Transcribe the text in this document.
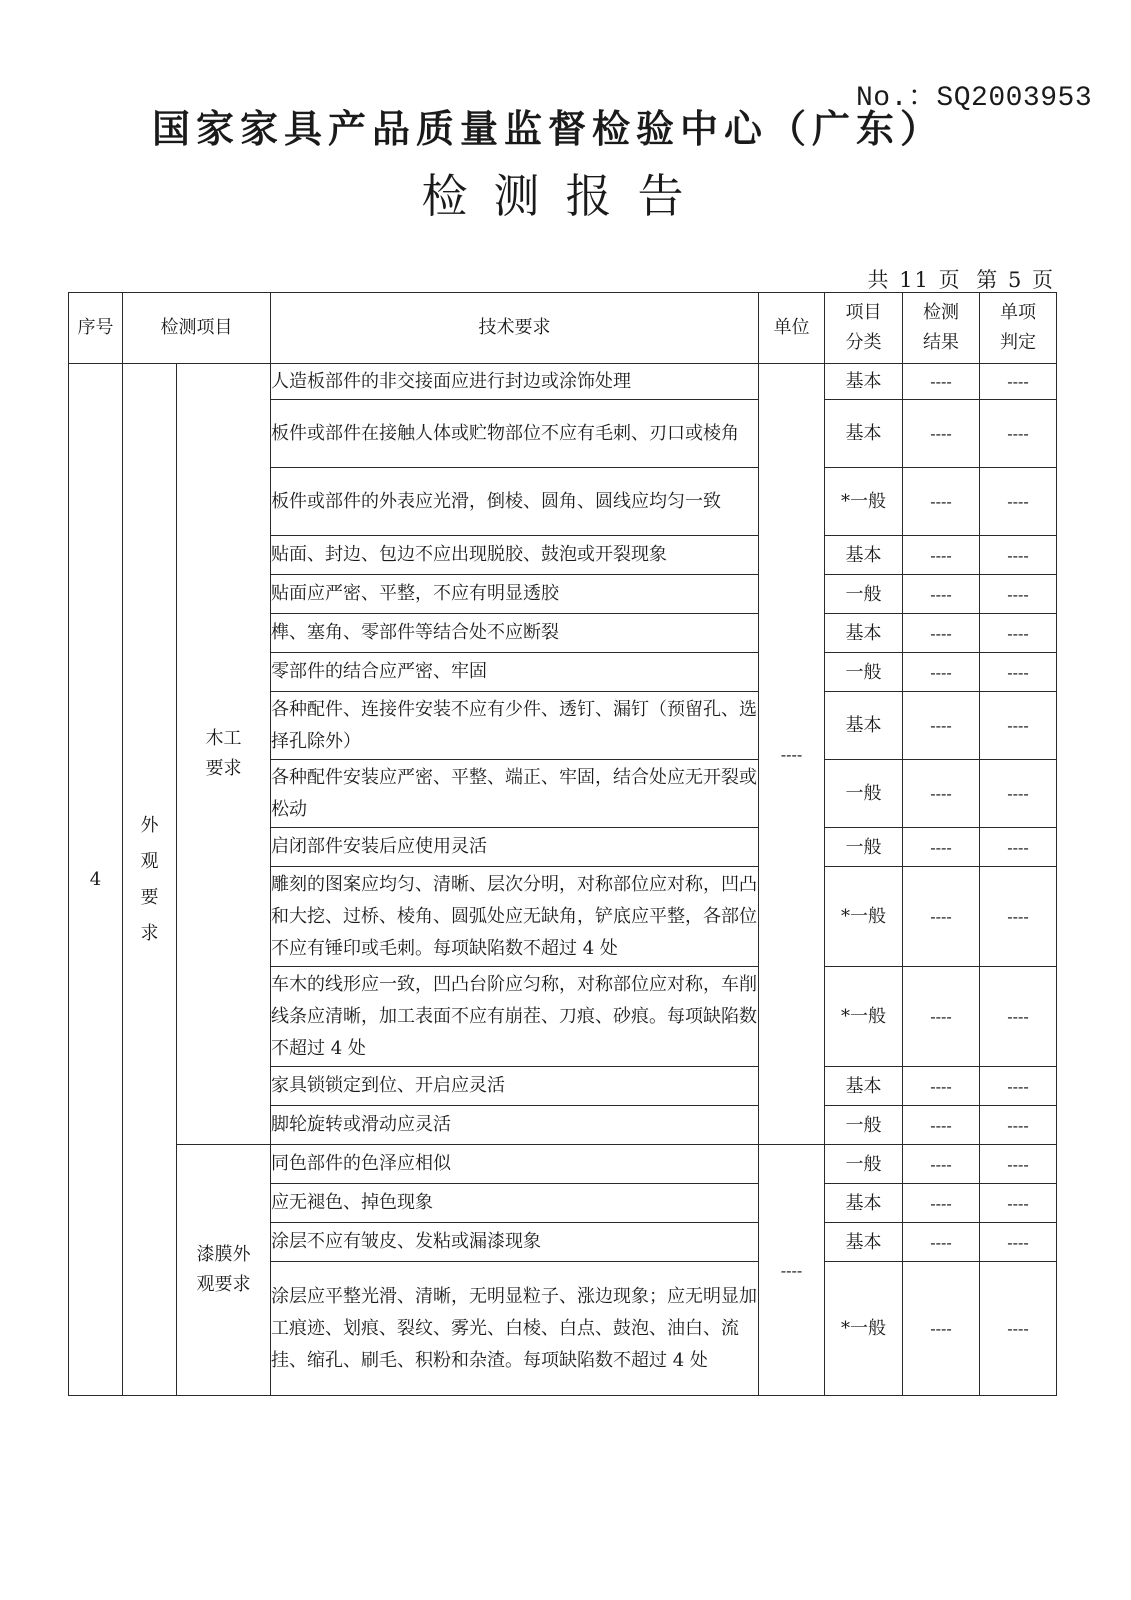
No.：SQ2003953
国家家具产品质量监督检验中心（广东）
检测报告
共 11 页 第 5 页
序号	检测项目		技术要求	单位	项目分类	检测结果	单项判定

4	外观要求	木工要求	人造板部件的非交接面应进行封边或涂饰处理	----	基本	----	----
			板件或部件在接触人体或贮物部位不应有毛刺、刃口或棱角		基本	----	----
			板件或部件的外表应光滑，倒棱、圆角、圆线应均匀一致		*一般	----	----
			贴面、封边、包边不应出现脱胶、鼓泡或开裂现象		基本	----	----
			贴面应严密、平整，不应有明显透胶		一般	----	----
			榫、塞角、零部件等结合处不应断裂		基本	----	----
			零部件的结合应严密、牢固		一般	----	----
			各种配件、连接件安装不应有少件、透钉、漏钉（预留孔、选择孔除外）		基本	----	----
			各种配件安装应严密、平整、端正、牢固，结合处应无开裂或松动		一般	----	----
			启闭部件安装后应使用灵活		一般	----	----
			雕刻的图案应均匀、清晰、层次分明，对称部位应对称，凹凸和大挖、过桥、棱角、圆弧处应无缺角，铲底应平整，各部位不应有锤印或毛刺。每项缺陷数不超过 4 处		*一般	----	----
			车木的线形应一致，凹凸台阶应匀称，对称部位应对称，车削线条应清晰，加工表面不应有崩茬、刀痕、砂痕。每项缺陷数不超过 4 处		*一般	----	----
			家具锁锁定到位、开启应灵活		基本	----	----
			脚轮旋转或滑动应灵活		一般	----	----

		漆膜外观要求	同色部件的色泽应相似	----	一般	----	----
			应无褪色、掉色现象		基本	----	----
			涂层不应有皱皮、发粘或漏漆现象		基本	----	----
			涂层应平整光滑、清晰，无明显粒子、涨边现象；应无明显加工痕迹、划痕、裂纹、雾光、白棱、白点、鼓泡、油白、流挂、缩孔、刷毛、积粉和杂渣。每项缺陷数不超过 4 处		*一般	----	----
